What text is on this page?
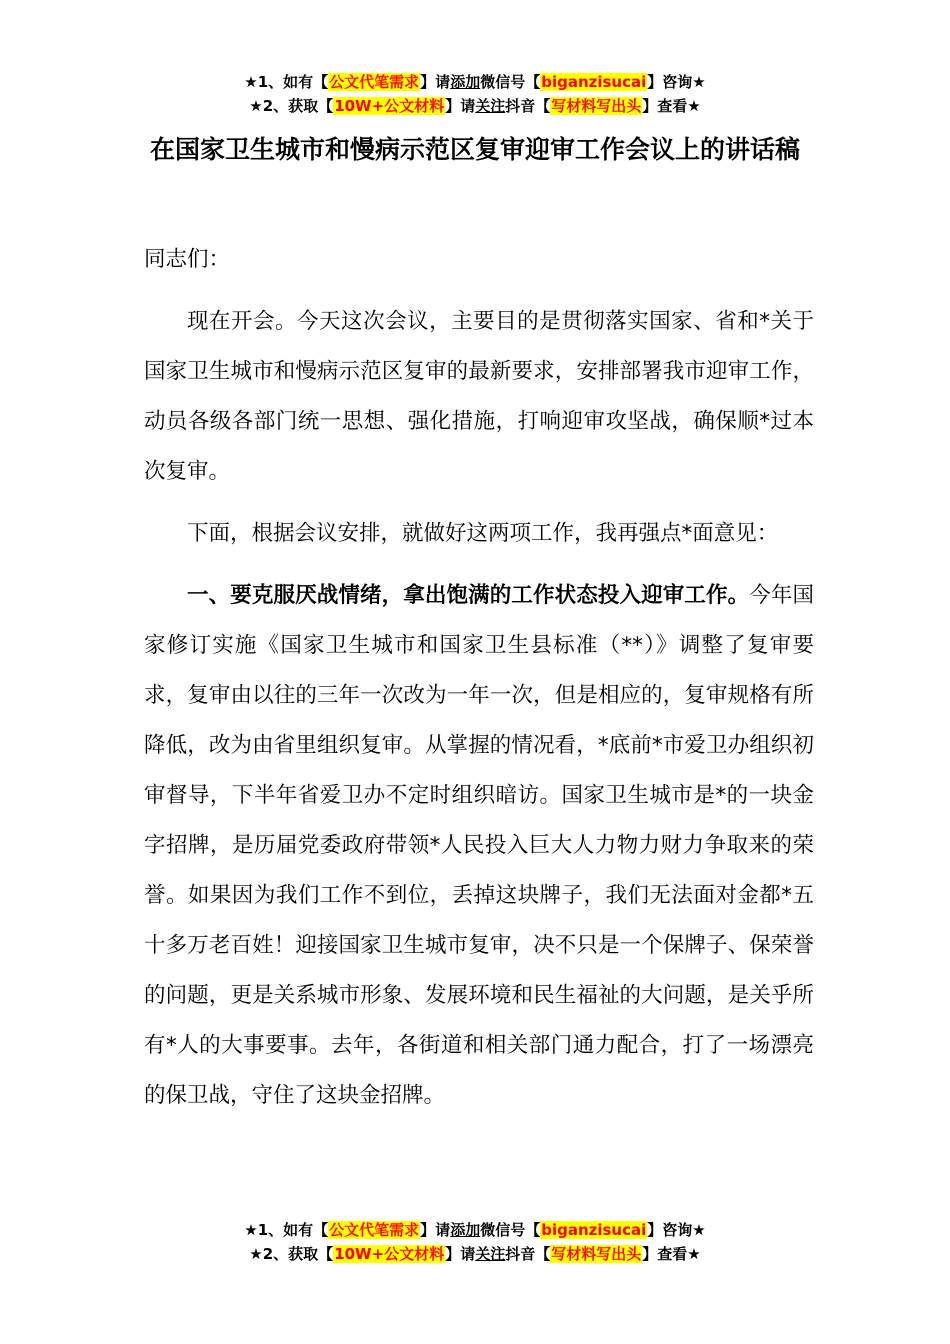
★1、如有【公文代笔需求】请添加微信号【biganzisucai】咨询★
★2、获取【10W+公文材料】请关注抖音【写材料写出头】查看★
在国家卫生城市和慢病示范区复审迎审工作会议上的讲话稿

同志们：

现在开会。今天这次会议，主要目的是贯彻落实国家、省和*关于国家卫生城市和慢病示范区复审的最新要求，安排部署我市迎审工作，动员各级各部门统一思想、强化措施，打响迎审攻坚战，确保顺*过本次复审。

下面，根据会议安排，就做好这两项工作，我再强点*面意见：

一、要克服厌战情绪，拿出饱满的工作状态投入迎审工作。今年国家修订实施《国家卫生城市和国家卫生县标准（**）》调整了复审要求，复审由以往的三年一次改为一年一次，但是相应的，复审规格有所降低，改为由省里组织复审。从掌握的情况看，*底前*市爱卫办组织初审督导，下半年省爱卫办不定时组织暗访。国家卫生城市是*的一块金字招牌，是历届党委政府带领*人民投入巨大人力物力财力争取来的荣誉。如果因为我们工作不到位，丢掉这块牌子，我们无法面对金都*五十多万老百姓！迎接国家卫生城市复审，决不只是一个保牌子、保荣誉的问题，更是关系城市形象、发展环境和民生福祉的大问题，是关乎所有*人的大事要事。去年，各街道和相关部门通力配合，打了一场漂亮的保卫战，守住了这块金招牌。

★1、如有【公文代笔需求】请添加微信号【biganzisucai】咨询★
★2、获取【10W+公文材料】请关注抖音【写材料写出头】查看★
